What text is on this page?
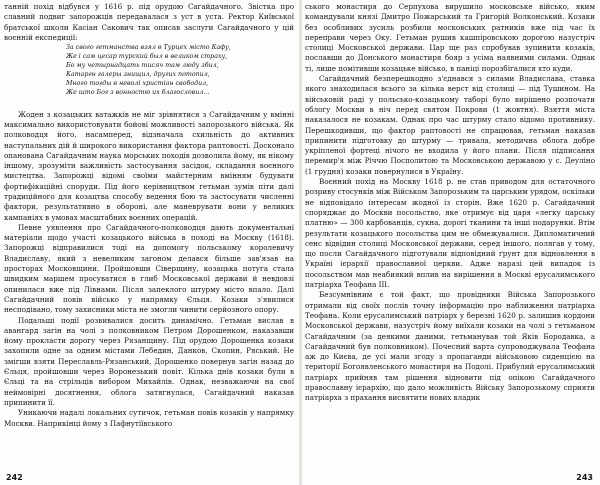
танній похід відбувся у 1616 р. під орудою Сагайдачного. Звістка про славний подвиг запорожців передавалася з уст в уста. Ректор Київської братської школи Касіан Сакович так описав заслуги Сагайдачного у цій воєнній експедиції:

За свого гетманства взял в Турцех місто Кафу,
Же і сам цесар турский был в великом страху,
Бо му четырнадцать тисяч там люду збил,
Катаргн галеры знищил, других потопил,
Много тогды в неволі христіан свободил,
Же што Бог з вонностю их благословил...

Жоден з козацьких ватажків не міг зрівнятися з Сагайдачним у вмінні максимально використовувати бойові можливості запорозького війська. Як полководця його, насамперед, відзначала схильність до активних наступальних дій й широкого використання фактора раптовості. Досконало опанована Сагайдачним наука морських походів дозволила йому, як нікому іншому, зрозуміти важливість застосування засідок, складання воєнного мистецтва. Запорожці відомі своїми майстерним вмінням будувати фортифікаційні споруди. Під його керівництвом гетьман зумів піти далі традиційного для козацтва способу ведення бою та застосувати численні фактори, результативно в обороні, але маневрувати вони у великих кампаніях в умовах масштабних воєнних операцій.

Певне уявлення про Сагайдачного-полководця дають документальні матеріали щодо участі козацького війська в поході на Москву (1618). Запорожці відправилися тоді на допомогу польському королевичу Владиславу, який з невеликим загоном делався більше зав'язав на просторах Московщини. Пройшовши Сіверщину, козацька потуга стала швидким маршем просуватися в глиб Московської держави й невдовзі опинилася вже під Лівнами. Після запеклого штурму місто впало. Далі Сагайдачний повів військо у напрямку Єльця. Козаки з'явилися несподівано, тому захисники міста не змогли чинити серйозного опору.

Подальші події розвивалися досить динамічно. Гетьман вислав в авангард загін на чолі з полковником Петром Дорошенком, наказавши йому прокласти дорогу через Рязанщину. Під орудою Дорошенка козаки захопили одне за одним містами Лебедин, Данков, Скопин, Ряський. Не змігши взяти Переславль-Рязанський, Дорошенко повернув загін назад до Єльця, пройшовши через Воронезький повіт. Кілька днів козаки були в Єльці та на стрільців вибором Михайлів. Однак, незважаючи на свої неймовірні досягнення, облога затягнулася, Сагайдачний наказав припинити її.

Уникаючи надалі локальних сутичок, гетьман повів козаків у напрямку Москви. Наприкінці йому з Пафнутіївського

242

ського монастиря до Серпухова вирушило московське військо, яким командували князі Дмитро Пожарський та Григорій Волконський. Козаки без особливих зусиль розбили московських ратників вже під час їх переправи через Оку. Гетьман рушив кашпіровською дорогою назустріч столиці Московської держави. Цар ще раз спробував зупинити козаків, пославши до Донського монастиря бояр з усіма наявними силами. Однак ті, лише помітивши козацьке військо, в паніці порозбігалися хто куди.

Сагайдачний безперешкодно з'єднався з силами Владислава, ставка якого знаходилася всього за кілька верст від столиці — під Тушином. На військовій раді у польсько-козацькому таборі було вирішено розпочати облогу Москви в ніч перед святом Покрови (1 жовтня). Взяття міста наказалося не козакам. Однак про час штурму стало відомо противнику. Перешкодивши, що фактор раптовості не спрацював, гетьман наказав припинити підготовку до штурму — тривала, методична облога добре укріпленої фортеці нічого не входила у його плани. Після підписання перемир'я між Річчю Посполитою та Московською державою у с. Деуліно (1 грудня) козаки повернулися в Україну.

Воєнний похід на Москву 1618 р. не став приводом для остаточного розриву стосунків між Військом Запорозьким та царським урядом, оскільки не відповідало інтересам жодної із сторін. Вже 1620 р. Сагайдачний споряджає до Москви посольство, яке отримує від царя «легку царську платню» — 300 карбованців, сукна, дорогі тканини та інші подарунки. Втім результати козацького посольства цим не обмежувалися. Дипломатичний сенс відвідин столиці Московської держави, серед іншого, полягав у тому, що посли Сагайдачного підготували відповідний ґрунт для відновлення в Україні ієрархії православної церкви. Адже наразі цей випадок із посольством мав неабиякий вплив на вирішення в Москві ерусалимського патріарха Теофана III.

Безсумнівним є той факт, що провідники Війська Запорозького отримали від своїх послів точну інформацію про наближення патріарха Теофана. Коли ерусалимський патріарх у березні 1620 р. залишив кордони Московської держави, назустріч йому виїхали козаки на чолі з гетьманом Сагайдачним (за деякими даними, гетьманував той Яків Бородавка, а Сагайдачний був полковником). Почесний варта супроводжувала Теофана аж до Києва, де усі мали згоду з пропаганди військовою сиденцією на території Богоявленського монастиря на Подолі. Прибулий ерусалимський патріарх прийняв там рішення відновити під опікою Сагайдачного православну ієрархію, що дало можливість Війську Запорозькому сприяти патріарха з прахання висвятити нових владик

243
